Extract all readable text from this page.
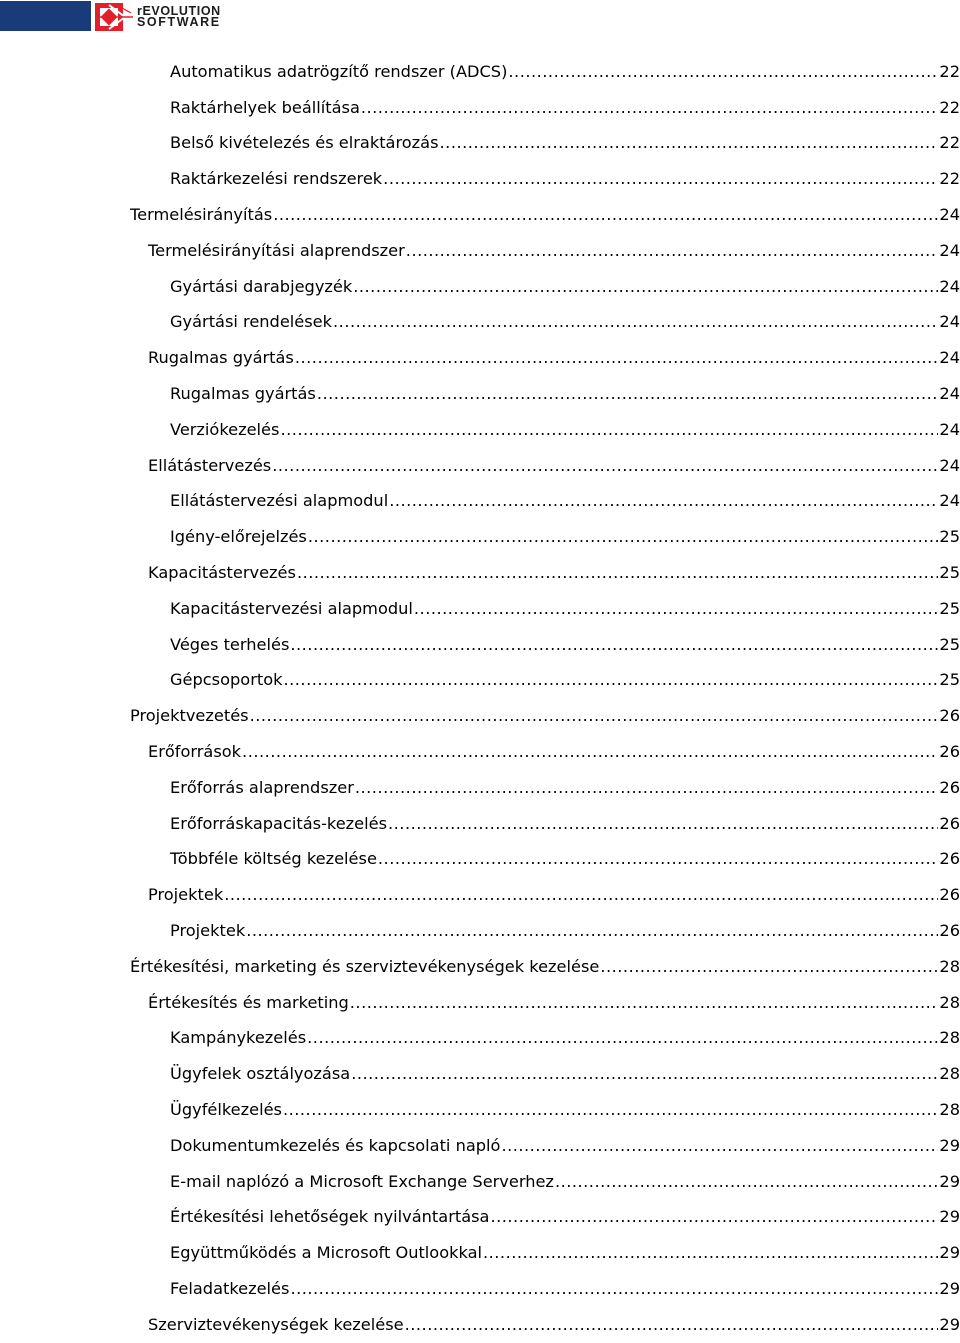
rEVOLUTION
SOFTWARE
Automatikus adatrögzítő rendszer (ADCS) .....	22
Raktárhelyek beállítása .....	22
Belső kivételezés és elraktározás .....	22
Raktárkezelési rendszerek .....	22
Termelésirányítás .....	24
Termelésirányítási alaprendszer .....	24
Gyártási darabjegyzék .....	24
Gyártási rendelések .....	24
Rugalmas gyártás .....	24
Rugalmas gyártás .....	24
Verziókezelés .....	24
Ellátástervezés .....	24
Ellátástervezési alapmodul .....	24
Igény-előrejelzés .....	25
Kapacitástervezés .....	25
Kapacitástervezési alapmodul .....	25
Véges terhelés .....	25
Gépcsoportok .....	25
Projektvezetés .....	26
Erőforrások .....	26
Erőforrás alaprendszer .....	26
Erőforráskapacitás-kezelés .....	26
Többféle költség kezelése .....	26
Projektek .....	26
Projektek .....	26
Értékesítési, marketing és szerviztevékenységek kezelése .....	28
Értékesítés és marketing .....	28
Kampánykezelés .....	28
Ügyfelek osztályozása .....	28
Ügyfélkezelés .....	28
Dokumentumkezelés és kapcsolati napló .....	29
E-mail naplózó a Microsoft Exchange Serverhez .....	29
Értékesítési lehetőségek nyilvántartása .....	29
Együttműködés a Microsoft Outlookkal .....	29
Feladatkezelés .....	29
Szerviztevékenységek kezelése .....	29
